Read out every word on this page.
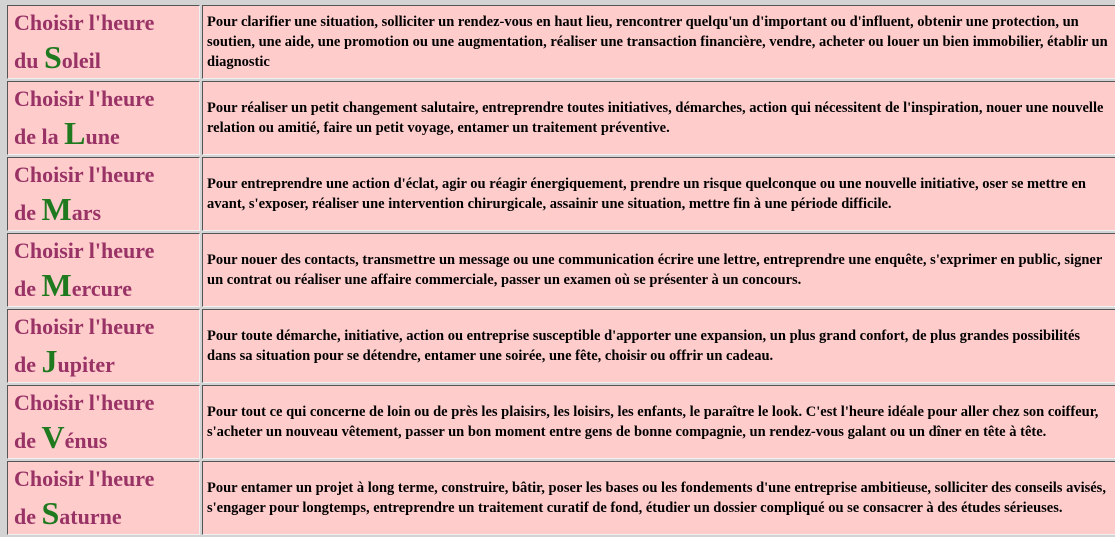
Choisir l'heure
du Soleil	Pour clarifier une situation, solliciter un rendez-vous en haut lieu, rencontrer quelqu'un d'important ou d'influent, obtenir une protection, un soutien, une aide, une promotion ou une augmentation, réaliser une transaction financière, vendre, acheter ou louer un bien immobilier, établir un diagnostic
Choisir l'heure
de la Lune	Pour réaliser un petit changement salutaire, entreprendre toutes initiatives, démarches, action qui nécessitent de l'inspiration, nouer une nouvelle relation ou amitié, faire un petit voyage, entamer un traitement préventive.
Choisir l'heure
de Mars	Pour entreprendre une action d'éclat, agir ou réagir énergiquement, prendre un risque quelconque ou une nouvelle initiative, oser se mettre en avant, s'exposer, réaliser une intervention chirurgicale, assainir une situation, mettre fin à une période difficile.
Choisir l'heure
de Mercure	Pour nouer des contacts, transmettre un message ou une communication écrire une lettre, entreprendre une enquête, s'exprimer en public, signer un contrat ou réaliser une affaire commerciale, passer un examen où se présenter à un concours.
Choisir l'heure
de Jupiter	Pour toute démarche, initiative, action ou entreprise susceptible d'apporter une expansion, un plus grand confort, de plus grandes possibilités dans sa situation pour se détendre, entamer une soirée, une fête, choisir ou offrir un cadeau.
Choisir l'heure
de Vénus	Pour tout ce qui concerne de loin ou de près les plaisirs, les loisirs, les enfants, le paraître le look. C'est l'heure idéale pour aller chez son coiffeur, s'acheter un nouveau vêtement, passer un bon moment entre gens de bonne compagnie, un rendez-vous galant ou un dîner en tête à tête.
Choisir l'heure
de Saturne	Pour entamer un projet à long terme, construire, bâtir, poser les bases ou les fondements d'une entreprise ambitieuse, solliciter des conseils avisés, s'engager pour longtemps, entreprendre un traitement curatif de fond, étudier un dossier compliqué ou se consacrer à des études sérieuses.
